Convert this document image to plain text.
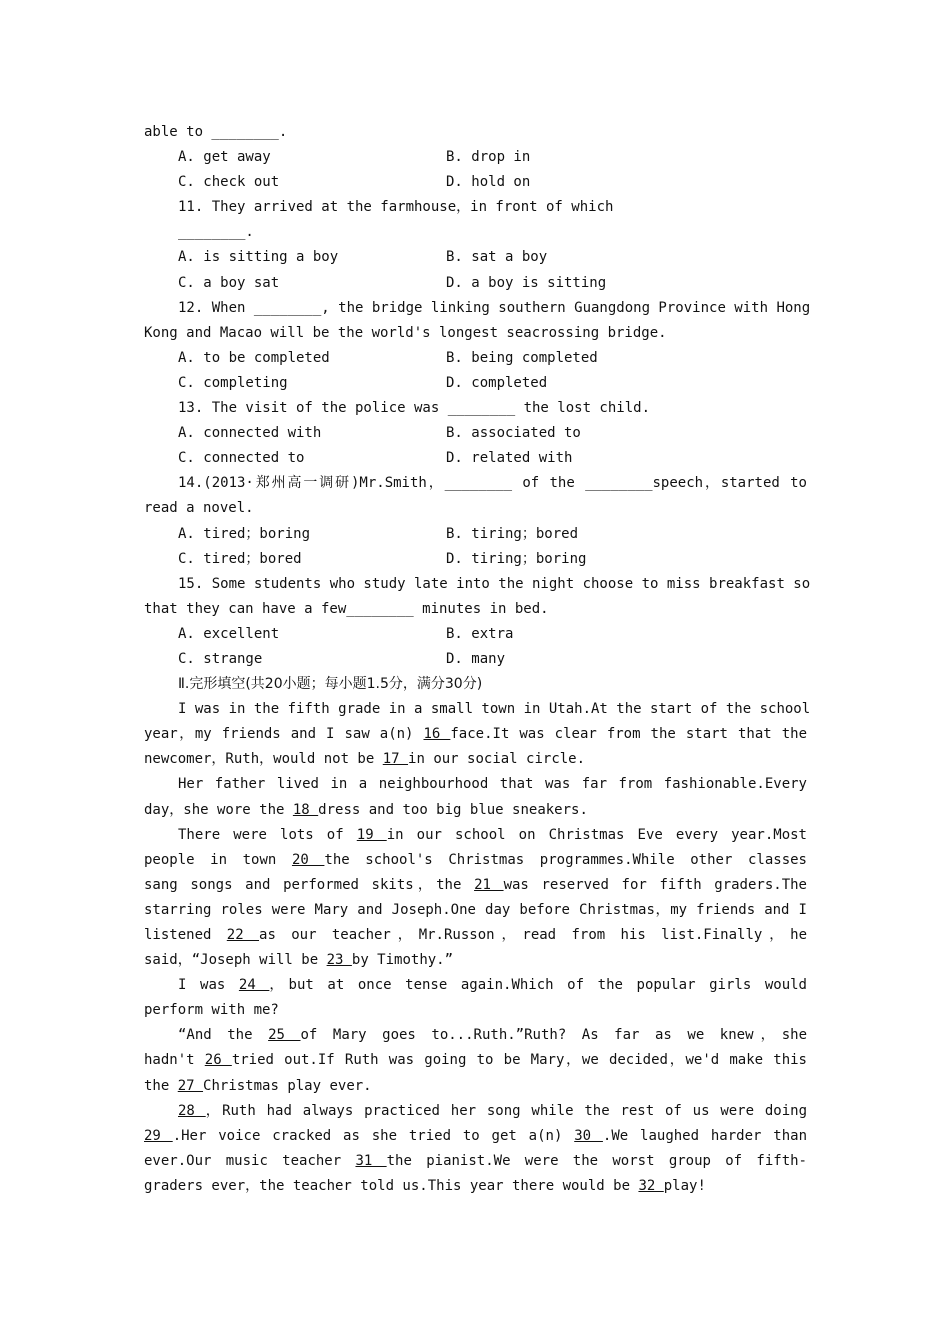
able to ________.
A. get away	B. drop in
C. check out	D. hold on
11. They arrived at the farmhouse，in front of which
________.
A. is sitting a boy	B. sat a boy
C. a boy sat	D. a boy is sitting
12. When ________, the bridge linking southern Guangdong Province with Hong
Kong and Macao will be the world's longest seacrossing bridge.
A. to be completed	B. being completed
C. completing	D. completed
13. The visit of the police was ________ the lost child.
A. connected with	B. associated to
C. connected to	D. related with
14.(2013·郑州高一调研)Mr.Smith，________ of the ________speech，started to
read a novel.
A. tired；boring	B. tiring；bored
C. tired；bored	D. tiring；boring
15. Some students who study late into the night choose to miss breakfast so
that they can have a few________ minutes in bed.
A. excellent	B. extra
C. strange	D. many
Ⅱ.完形填空(共20小题；每小题1.5分，满分30分)
I was in the fifth grade in a small town in Utah.At the start of the school
year，my friends and I saw a(n) 16 face.It was clear from the start that the
newcomer，Ruth，would not be 17 in our social circle.
Her father lived in a neighbourhood that was far from fashionable.Every
day，she wore the 18 dress and too big blue sneakers.
There were lots of 19 in our school on Christmas Eve every year.Most
people in town 20 the school's Christmas programmes.While other classes
sang songs and performed skits，the 21 was reserved for fifth graders.The
starring roles were Mary and Joseph.One day before Christmas，my friends and I
listened 22 as our teacher，Mr.Russon，read from his list.Finally，he
said，“Joseph will be 23 by Timothy.”
I was 24 ，but at once tense again.Which of the popular girls would
perform with me?
“And the 25 of Mary goes to...Ruth.”Ruth? As far as we knew，she
hadn't 26 tried out.If Ruth was going to be Mary，we decided，we'd make this
the 27 Christmas play ever.
28 ，Ruth had always practiced her song while the rest of us were doing
29 .Her voice cracked as she tried to get a(n) 30 .We laughed harder than
ever.Our music teacher 31 the pianist.We were the worst group of fifth-
graders ever，the teacher told us.This year there would be 32 play!
